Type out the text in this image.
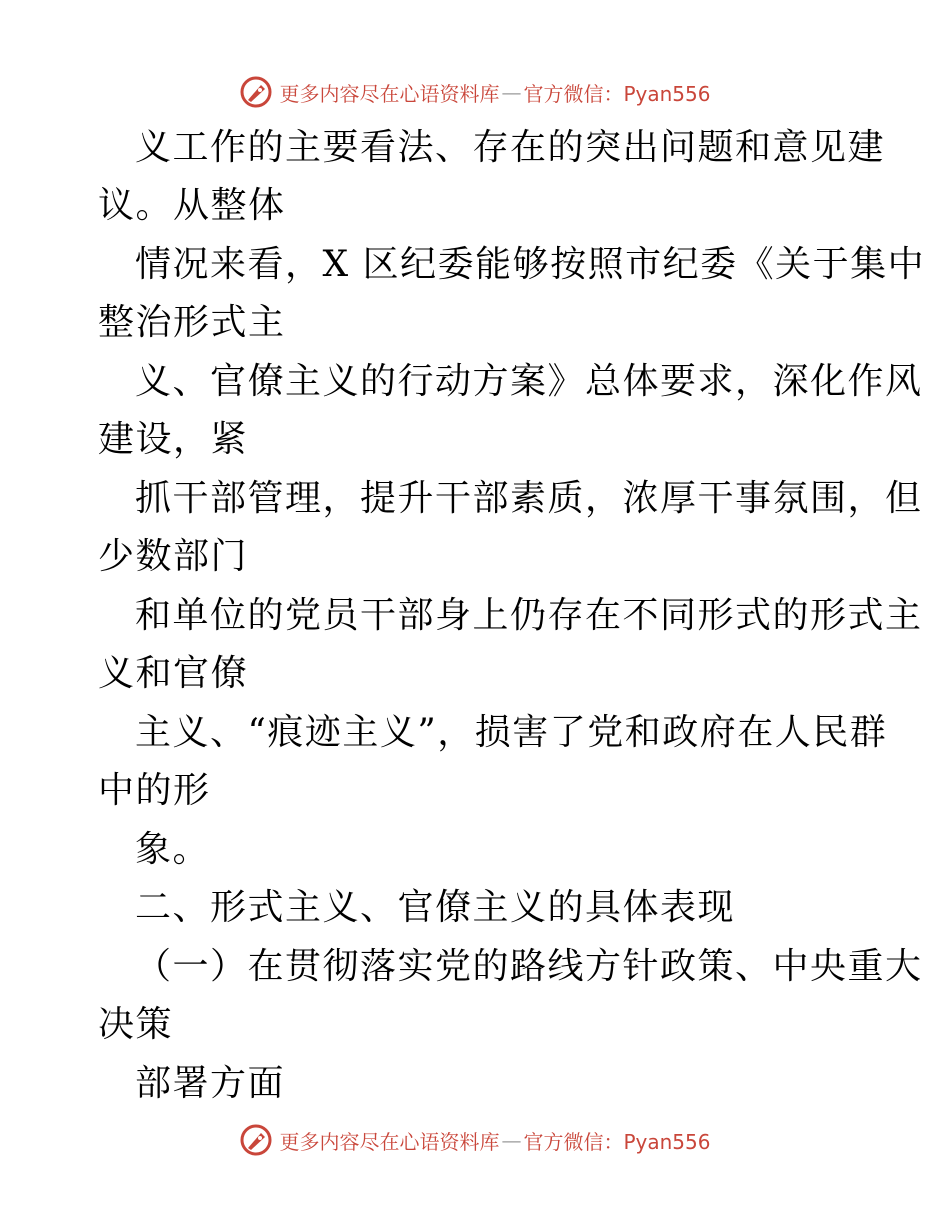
更多内容尽在心语资料库 — 官方微信：Pyan556
义工作的主要看法、存在的突出问题和意见建
议。从整体
情况来看，X 区纪委能够按照市纪委《关于集中
整治形式主
义、官僚主义的行动方案》总体要求，深化作风
建设，紧
抓干部管理，提升干部素质，浓厚干事氛围，但
少数部门
和单位的党员干部身上仍存在不同形式的形式主
义和官僚
主义、“痕迹主义”，损害了党和政府在人民群
中的形
象。
二、形式主义、官僚主义的具体表现
（一）在贯彻落实党的路线方针政策、中央重大
决策
部署方面
更多内容尽在心语资料库 — 官方微信：Pyan556
